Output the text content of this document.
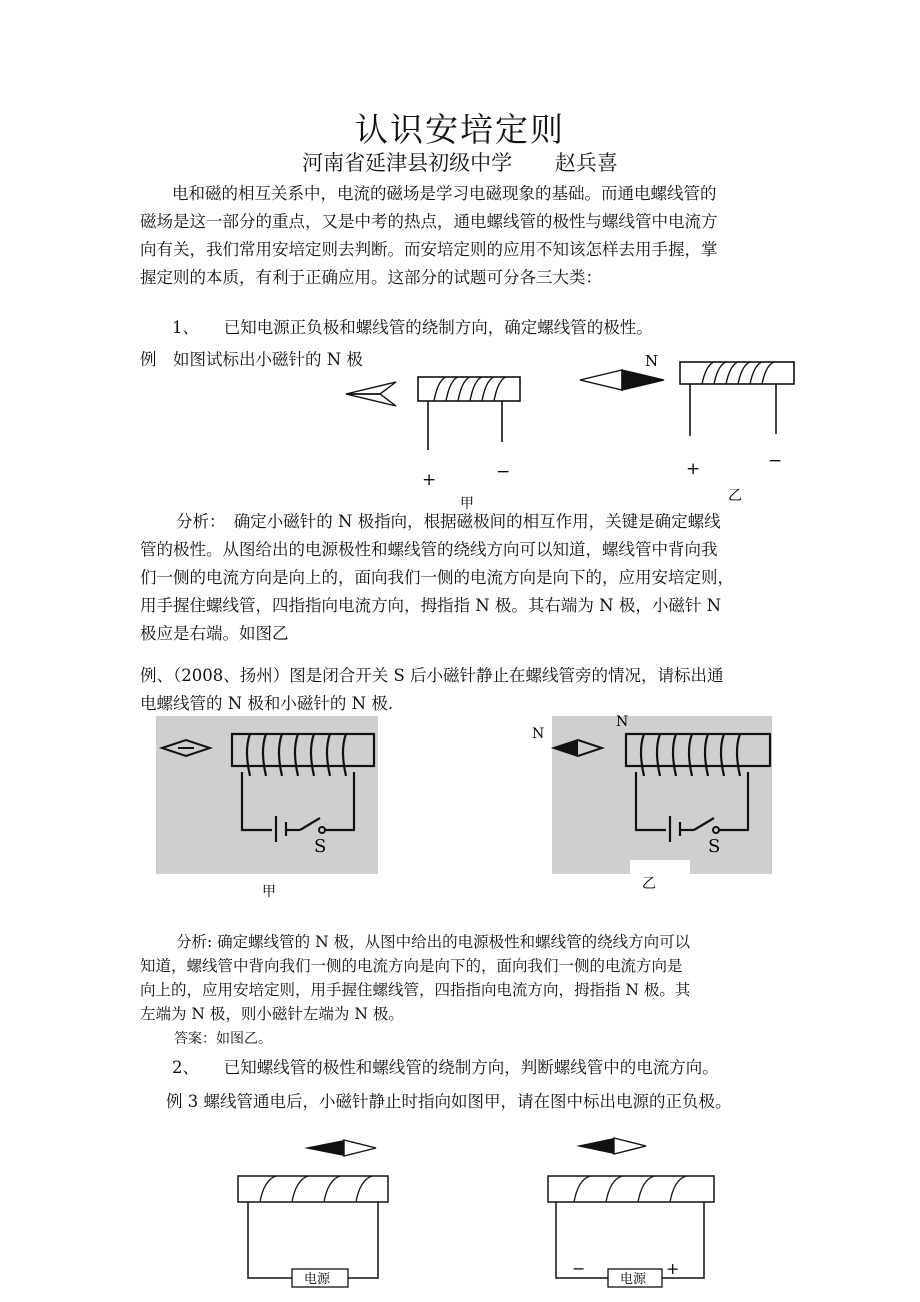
认识安培定则
河南省延津县初级中学 赵兵喜
电和磁的相互关系中，电流的磁场是学习电磁现象的基础。而通电螺线管的
磁场是这一部分的重点，又是中考的热点，通电螺线管的极性与螺线管中电流方
向有关，我们常用安培定则去判断。而安培定则的应用不知该怎样去用手握，掌
握定则的本质，有利于正确应用。这部分的试题可分各三大类：
1、　　已知电源正负极和螺线管的绕制方向，确定螺线管的极性。
例　如图试标出小磁针的 N 极
+	−
甲
N
+	−
乙
分析：　确定小磁针的 N 极指向，根据磁极间的相互作用，关键是确定螺线
管的极性。从图给出的电源极性和螺线管的绕线方向可以知道，螺线管中背向我
们一侧的电流方向是向上的，面向我们一侧的电流方向是向下的，应用安培定则，
用手握住螺线管，四指指向电流方向，拇指指 N 极。其右端为 N 极，小磁针 N
极应是右端。如图乙
例、（2008、扬州）图是闭合开关 S 后小磁针静止在螺线管旁的情况，请标出通
电螺线管的 N 极和小磁针的 N 极.
S
甲
S
N
N
乙
分析: 确定螺线管的 N 极，从图中给出的电源极性和螺线管的绕线方向可以
知道，螺线管中背向我们一侧的电流方向是向下的，面向我们一侧的电流方向是
向上的，应用安培定则，用手握住螺线管，四指指向电流方向，拇指指 N 极。其
左端为 N 极，则小磁针左端为 N 极。
答案：如图乙。
2、　　已知螺线管的极性和螺线管的绕制方向，判断螺线管中的电流方向。
例 3 螺线管通电后，小磁针静止时指向如图甲，请在图中标出电源的正负极。
电源	电源
−	+
